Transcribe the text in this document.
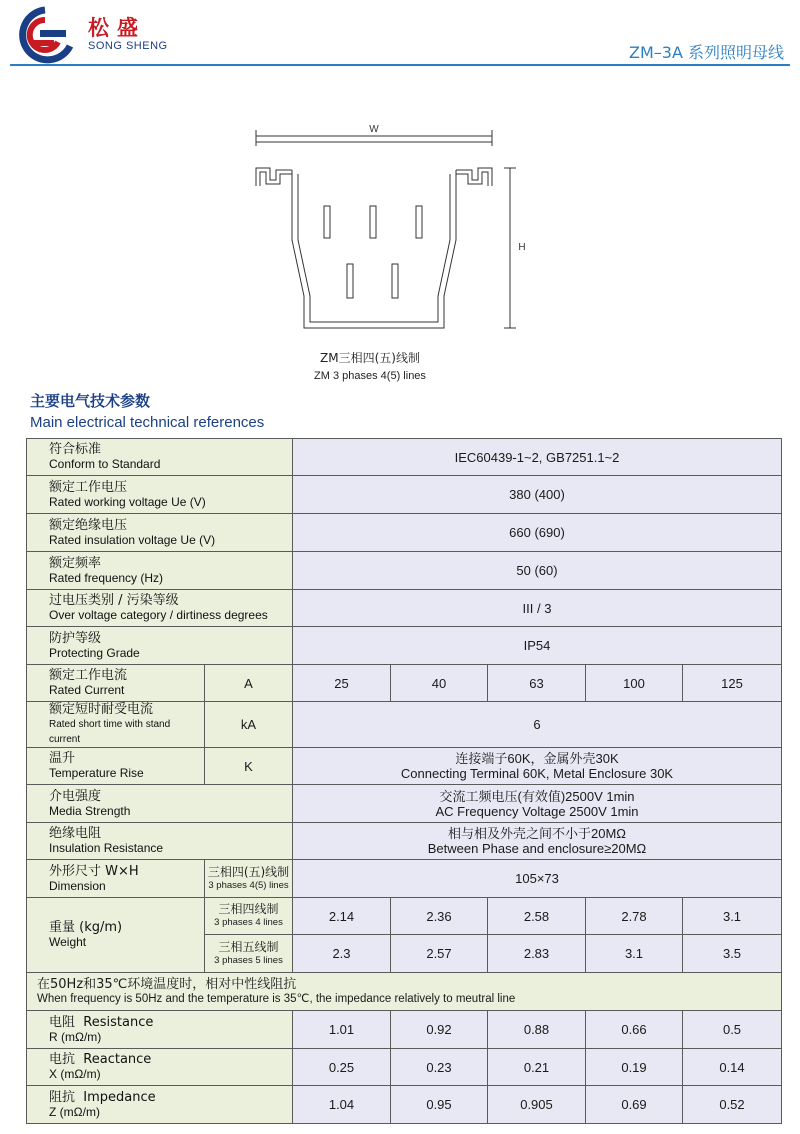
松盛
SONG SHENG	ZM–3A 系列照明母线
W
H
ZM三相四(五)线制
ZM 3 phases 4(5) lines
主要电气技术参数
Main electrical technical references
符合标准
Conform to Standard		IEC60439-1~2, GB7251.1~2				

额定工作电压
Rated working voltage Ue (V)		380 (400)				

额定绝缘电压
Rated insulation voltage Ue (V)		660 (690)				

额定频率
Rated frequency (Hz)		50 (60)				

过电压类别 / 污染等级
Over voltage category / dirtiness degrees		III / 3				

防护等级
Protecting Grade		IP54				

额定工作电流
Rated Current	A	25	40	63	100	125

额定短时耐受电流
Rated short time with stand current	kA	6				

温升
Temperature Rise	K	连接端子60K，金属外壳30K
Connecting Terminal 60K, Metal Enclosure 30K				

介电强度
Media Strength		交流工频电压(有效值)2500V 1min
AC Frequency Voltage 2500V 1min				

绝缘电阻
Insulation Resistance		相与相及外壳之间不小于20MΩ
Between Phase and enclosure≥20MΩ				

外形尺寸 W×H
Dimension	三相四(五)线制
3 phases 4(5) lines	105×73				

重量 (kg/m)
Weight	三相四线制
3 phases 4 lines	2.14	2.36	2.58	2.78	3.1

	三相五线制
3 phases 5 lines	2.3	2.57	2.83	3.1	3.5

在50Hz和35℃环境温度时，相对中性线阻抗
When frequency is 50Hz and the temperature is 35℃, the impedance relatively to meutral line						

电阻 Resistance
R (mΩ/m)		1.01	0.92	0.88	0.66	0.5

电抗 Reactance
X (mΩ/m)		0.25	0.23	0.21	0.19	0.14

阻抗 Impedance
Z (mΩ/m)		1.04	0.95	0.905	0.69	0.52
